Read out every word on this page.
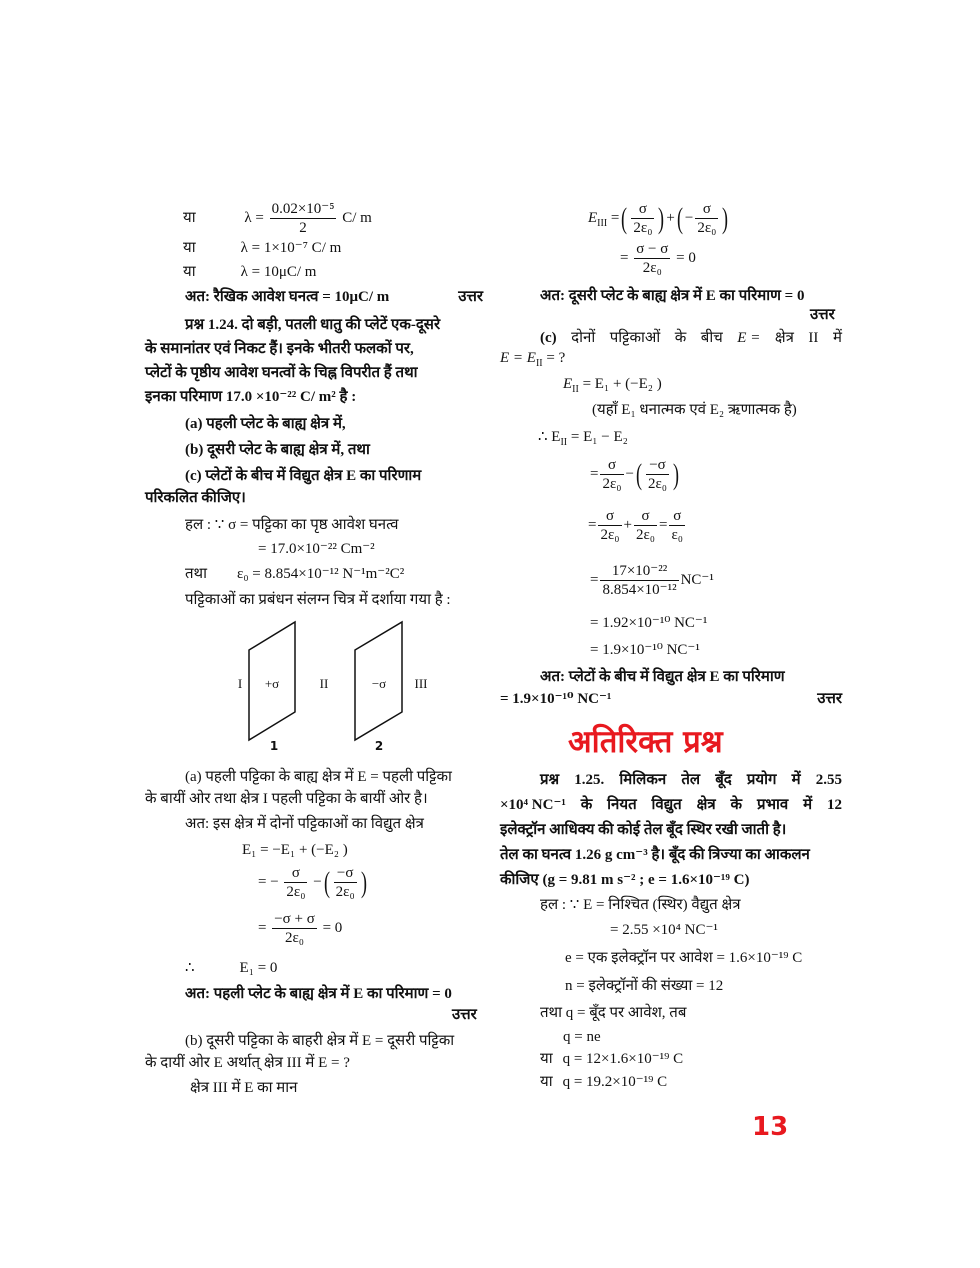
या	$\lambda = \frac{\text{0.02×10⁻⁵}}{2} C/$ m
या	λ = 1×10⁻⁷ C/ m
या	λ = 10μC/ m
अत: रैखिक आवेश घनत्व = 10μC/ m	उत्तर
प्रश्न 1.24. दो बड़ी, पतली धातु की प्लेटें एक-दूसरे
के समानांतर एवं निकट हैं। इनके भीतरी फलकों पर,
प्लेटों के पृष्ठीय आवेश घनत्वों के चिह्न विपरीत हैं तथा
इनका परिमाण 17.0 ×10⁻²² C/ m² है :
(a) पहली प्लेट के बाह्य क्षेत्र में,
(b) दूसरी प्लेट के बाह्य क्षेत्र में, तथा
(c) प्लेटों के बीच में विद्युत क्षेत्र E का परिणाम
परिकलित कीजिए।
हल : ∵ σ = पट्टिका का पृष्ठ आवेश घनत्व
= 17.0×10⁻²² Cm⁻²
तथा ε₀ = 8.854×10⁻¹² N⁻¹m⁻²C²
पट्टिकाओं का प्रबंधन संलग्न चित्र में दर्शाया गया है :
I +σ	II	−σ III
1	2
(a) पहली पट्टिका के बाह्य क्षेत्र में E = पहली पट्टिका
के बायीं ओर तथा क्षेत्र I पहली पट्टिका के बायीं ओर है।
अत: इस क्षेत्र में दोनों पट्टिकाओं का विद्युत क्षेत्र
E₁ = −E₁ + (−E₂ )
= − $\frac{\sigma}{\text{2ε₀}}$ −( $\frac{-\sigma}{\text{2ε₀}}$ )
= $\frac{-\sigma + \sigma}{\text{2ε₀}} = 0$
∴	E₁ = 0
अत: पहली प्लेट के बाह्य क्षेत्र में E का परिमाण = 0
उत्तर
(b) दूसरी पट्टिका के बाहरी क्षेत्र में E = दूसरी पट्टिका
के दायीं ओर E अर्थात् क्षेत्र III में E = ?
क्षेत्र III में E का मान
$E_{III}$ =( $\frac{\sigma}{\text{2ε₀}}$ ) +( − $\frac{\sigma}{\text{2ε₀}}$ )
= $\frac{\sigma - \sigma}{\text{2ε₀}} = 0$
अत: दूसरी प्लेट के बाह्य क्षेत्र में E का परिमाण = 0
उत्तर
(c) दोनों पट्टिकाओं के बीच E = क्षेत्र II में
$E = E_{II}$ = ?
$E_{II} = E_1 + (-E_2$ )
(यहाँ E₁ धनात्मक एवं E₂ ऋणात्मक है)
∴ $E_{II} = E_1 - E_2$
= $\frac{\sigma}{\text{2ε₀}}$ −( $\frac{-\sigma}{\text{2ε₀}}$ )
= $\frac{\sigma}{\text{2ε₀}} + \frac{\sigma}{\text{2ε₀}} = \frac{\sigma}{\text{ε₀}}$
= $\frac{\text{17×10⁻²²}}{\text{8.854×10⁻¹²}} NC^{-1}$
= 1.92×10⁻¹⁰ NC⁻¹
= 1.9×10⁻¹⁰ NC⁻¹
अत: प्लेटों के बीच में विद्युत क्षेत्र E का परिमाण
= 1.9×10⁻¹⁰ NC⁻¹	उत्तर
अतिरिक्त प्रश्न
प्रश्न 1.25. मिलिकन तेल बूँद प्रयोग में 2.55
×10⁴ NC⁻¹ के नियत विद्युत क्षेत्र के प्रभाव में 12
इलेक्ट्रॉन आधिक्य की कोई तेल बूँद स्थिर रखी जाती है।
तेल का घनत्व 1.26 g cm⁻³ है। बूँद की त्रिज्या का आकलन
कीजिए (g = 9.81 m s⁻² ; e = 1.6×10⁻¹⁹ C)
हल : ∵ E = निश्चित (स्थिर) वैद्युत क्षेत्र
= 2.55 ×10⁴ NC⁻¹
e = एक इलेक्ट्रॉन पर आवेश = 1.6×10⁻¹⁹ C
n = इलेक्ट्रॉनों की संख्या = 12
तथा q = बूँद पर आवेश, तब
q = ne
या q = 12×1.6×10⁻¹⁹ C
या q = 19.2×10⁻¹⁹ C
13
